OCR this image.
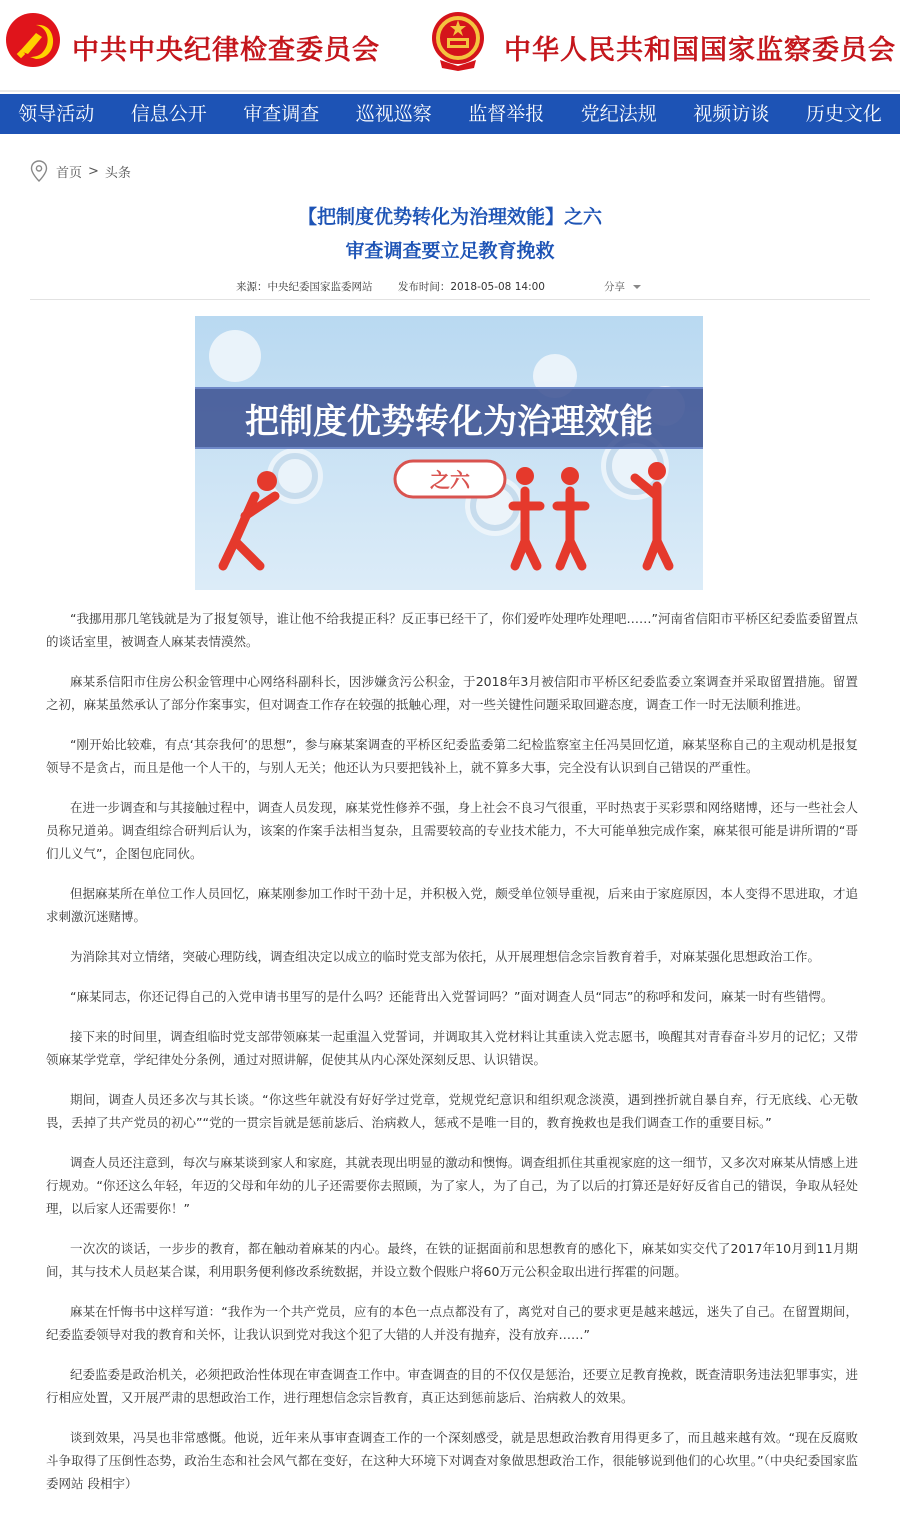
中共中央纪律检查委员会	中华人民共和国国家监察委员会
领导活动	信息公开	审查调查	巡视巡察	监督举报	党纪法规	视频访谈	历史文化
首页 > 头条
【把制度优势转化为治理效能】之六
审查调查要立足教育挽救
来源：中央纪委国家监委网站 发布时间：2018-05-08 14:00	分享
把制度优势转化为治理效能
之六

“我挪用那几笔钱就是为了报复领导，谁让他不给我提正科？反正事已经干了，你们爱咋处理咋处理吧……”河南省信阳市平桥区纪委监委留置点的谈话室里，被调查人麻某表情漠然。

麻某系信阳市住房公积金管理中心网络科副科长，因涉嫌贪污公积金，于2018年3月被信阳市平桥区纪委监委立案调查并采取留置措施。留置之初，麻某虽然承认了部分作案事实，但对调查工作存在较强的抵触心理，对一些关键性问题采取回避态度，调查工作一时无法顺利推进。

“刚开始比较难，有点‘其奈我何’的思想”，参与麻某案调查的平桥区纪委监委第二纪检监察室主任冯昊回忆道，麻某坚称自己的主观动机是报复领导不是贪占，而且是他一个人干的，与别人无关；他还认为只要把钱补上，就不算多大事，完全没有认识到自己错误的严重性。

在进一步调查和与其接触过程中，调查人员发现，麻某党性修养不强，身上社会不良习气很重，平时热衷于买彩票和网络赌博，还与一些社会人员称兄道弟。调查组综合研判后认为，该案的作案手法相当复杂，且需要较高的专业技术能力，不大可能单独完成作案，麻某很可能是讲所谓的“哥们儿义气”，企图包庇同伙。

但据麻某所在单位工作人员回忆，麻某刚参加工作时干劲十足，并积极入党，颇受单位领导重视，后来由于家庭原因，本人变得不思进取，才追求刺激沉迷赌博。

为消除其对立情绪，突破心理防线，调查组决定以成立的临时党支部为依托，从开展理想信念宗旨教育着手，对麻某强化思想政治工作。

“麻某同志，你还记得自己的入党申请书里写的是什么吗？还能背出入党誓词吗？”面对调查人员“同志”的称呼和发问，麻某一时有些错愕。

接下来的时间里，调查组临时党支部带领麻某一起重温入党誓词，并调取其入党材料让其重读入党志愿书，唤醒其对青春奋斗岁月的记忆；又带领麻某学党章，学纪律处分条例，通过对照讲解，促使其从内心深处深刻反思、认识错误。

期间，调查人员还多次与其长谈。“你这些年就没有好好学过党章，党规党纪意识和组织观念淡漠，遇到挫折就自暴自弃，行无底线、心无敬畏，丢掉了共产党员的初心”“党的一贯宗旨就是惩前毖后、治病救人，惩戒不是唯一目的，教育挽救也是我们调查工作的重要目标。”

调查人员还注意到，每次与麻某谈到家人和家庭，其就表现出明显的激动和懊悔。调查组抓住其重视家庭的这一细节，又多次对麻某从情感上进行规劝。“你还这么年轻，年迈的父母和年幼的儿子还需要你去照顾，为了家人，为了自己，为了以后的打算还是好好反省自己的错误，争取从轻处理，以后家人还需要你！”

一次次的谈话，一步步的教育，都在触动着麻某的内心。最终，在铁的证据面前和思想教育的感化下，麻某如实交代了2017年10月到11月期间，其与技术人员赵某合谋，利用职务便利修改系统数据，并设立数个假账户将60万元公积金取出进行挥霍的问题。

麻某在忏悔书中这样写道：“我作为一个共产党员，应有的本色一点点都没有了，离党对自己的要求更是越来越远，迷失了自己。在留置期间，纪委监委领导对我的教育和关怀，让我认识到党对我这个犯了大错的人并没有抛弃，没有放弃……”

纪委监委是政治机关，必须把政治性体现在审查调查工作中。审查调查的目的不仅仅是惩治，还要立足教育挽救，既查清职务违法犯罪事实，进行相应处置，又开展严肃的思想政治工作，进行理想信念宗旨教育，真正达到惩前毖后、治病救人的效果。

谈到效果，冯昊也非常感慨。他说，近年来从事审查调查工作的一个深刻感受，就是思想政治教育用得更多了，而且越来越有效。“现在反腐败斗争取得了压倒性态势，政治生态和社会风气都在变好，在这种大环境下对调查对象做思想政治工作，很能够说到他们的心坎里。”（中央纪委国家监委网站 段相宇）
